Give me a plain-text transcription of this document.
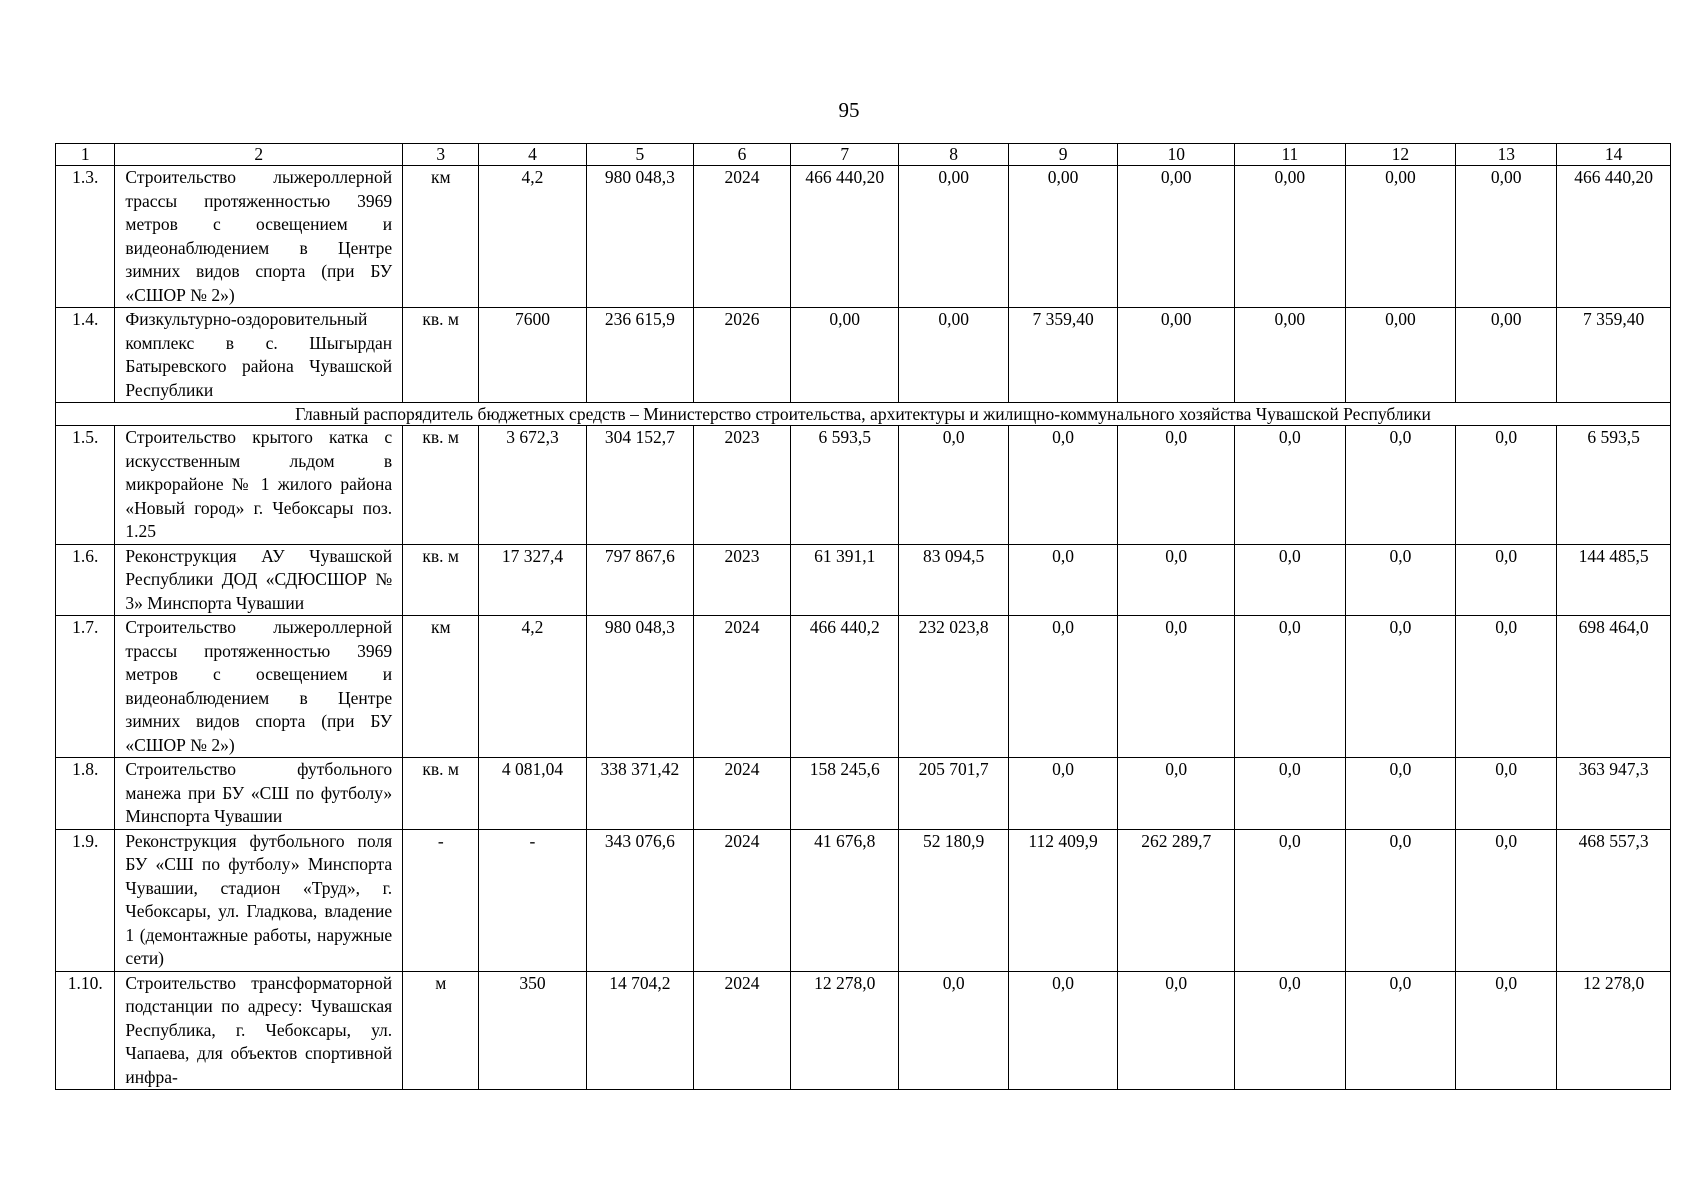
95
1	2	3	4	5	6	7	8	9	10	11	12	13	14
1.3.	Строительство лыжероллерной трассы протяженностью 3969 метров с освещением и видеонаблюдением в Центре зимних видов спорта (при БУ «СШОР № 2»)	км	4,2	980 048,3	2024	466 440,20	0,00	0,00	0,00	0,00	0,00	0,00	466 440,20
1.4.	Физкультурно-оздоровительный комплекс в с. Шыгырдан Батыревского района Чувашской Республики	кв. м	7600	236 615,9	2026	0,00	0,00	7 359,40	0,00	0,00	0,00	0,00	7 359,40
Главный распорядитель бюджетных средств – Министерство строительства, архитектуры и жилищно-коммунального хозяйства Чувашской Республики													
1.5.	Строительство крытого катка с искусственным льдом в микрорайоне № 1 жилого района «Новый город» г. Чебоксары поз. 1.25	кв. м	3 672,3	304 152,7	2023	6 593,5	0,0	0,0	0,0	0,0	0,0	0,0	6 593,5
1.6.	Реконструкция АУ Чувашской Республики ДОД «СДЮСШОР № 3» Минспорта Чувашии	кв. м	17 327,4	797 867,6	2023	61 391,1	83 094,5	0,0	0,0	0,0	0,0	0,0	144 485,5
1.7.	Строительство лыжероллерной трассы протяженностью 3969 метров с освещением и видеонаблюдением в Центре зимних видов спорта (при БУ «СШОР № 2»)	км	4,2	980 048,3	2024	466 440,2	232 023,8	0,0	0,0	0,0	0,0	0,0	698 464,0
1.8.	Строительство футбольного манежа при БУ «СШ по футболу» Минспорта Чувашии	кв. м	4 081,04	338 371,42	2024	158 245,6	205 701,7	0,0	0,0	0,0	0,0	0,0	363 947,3
1.9.	Реконструкция футбольного поля БУ «СШ по футболу» Минспорта Чувашии, стадион «Труд», г. Чебоксары, ул. Гладкова, владение 1 (демонтажные работы, наружные сети)	-	-	343 076,6	2024	41 676,8	52 180,9	112 409,9	262 289,7	0,0	0,0	0,0	468 557,3
1.10.	Строительство трансформаторной подстанции по адресу: Чувашская Республика, г. Чебоксары, ул. Чапаева, для объектов спортивной инфра-	м	350	14 704,2	2024	12 278,0	0,0	0,0	0,0	0,0	0,0	0,0	12 278,0
